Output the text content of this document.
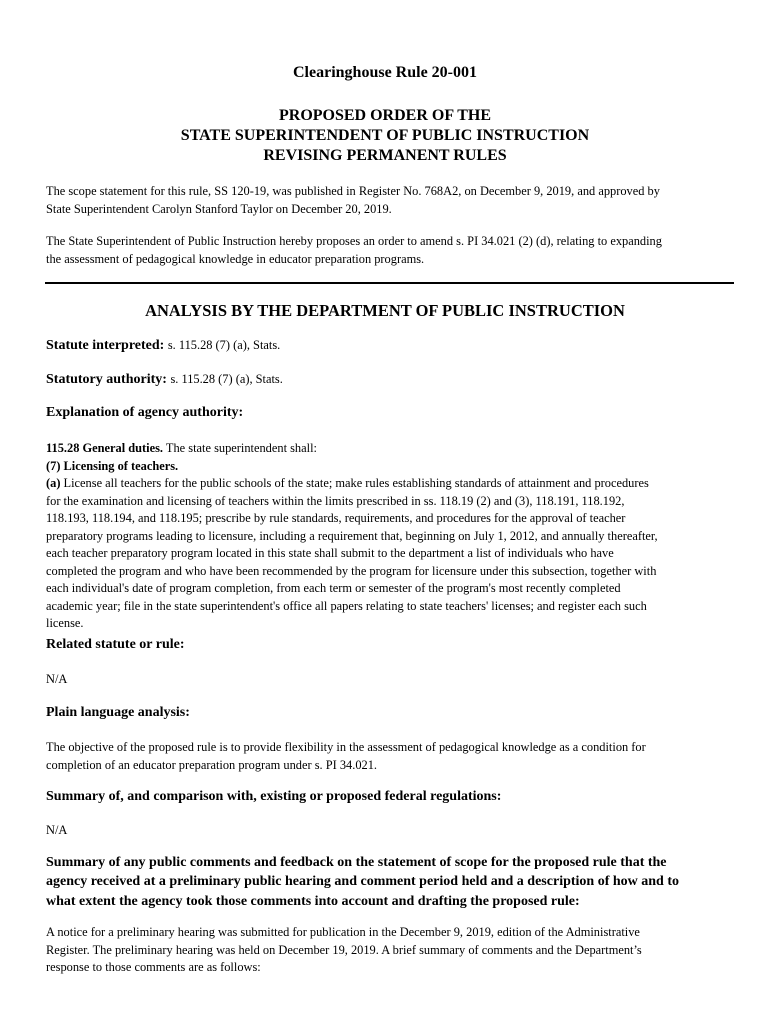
Clearinghouse Rule 20-001
PROPOSED ORDER OF THE
STATE SUPERINTENDENT OF PUBLIC INSTRUCTION
REVISING PERMANENT RULES
The scope statement for this rule, SS 120-19, was published in Register No. 768A2, on December 9, 2019, and approved by
State Superintendent Carolyn Stanford Taylor on December 20, 2019.
The State Superintendent of Public Instruction hereby proposes an order to amend s. PI 34.021 (2) (d), relating to expanding
the assessment of pedagogical knowledge in educator preparation programs.
ANALYSIS BY THE DEPARTMENT OF PUBLIC INSTRUCTION
Statute interpreted: s. 115.28 (7) (a), Stats.
Statutory authority: s. 115.28 (7) (a), Stats.
Explanation of agency authority:
115.28 General duties. The state superintendent shall:
(7) Licensing of teachers.
(a) License all teachers for the public schools of the state; make rules establishing standards of attainment and procedures
for the examination and licensing of teachers within the limits prescribed in ss. 118.19 (2) and (3), 118.191, 118.192,
118.193, 118.194, and 118.195; prescribe by rule standards, requirements, and procedures for the approval of teacher
preparatory programs leading to licensure, including a requirement that, beginning on July 1, 2012, and annually thereafter,
each teacher preparatory program located in this state shall submit to the department a list of individuals who have
completed the program and who have been recommended by the program for licensure under this subsection, together with
each individual's date of program completion, from each term or semester of the program's most recently completed
academic year; file in the state superintendent's office all papers relating to state teachers' licenses; and register each such
license.
Related statute or rule:
N/A
Plain language analysis:
The objective of the proposed rule is to provide flexibility in the assessment of pedagogical knowledge as a condition for
completion of an educator preparation program under s. PI 34.021.
Summary of, and comparison with, existing or proposed federal regulations:
N/A
Summary of any public comments and feedback on the statement of scope for the proposed rule that the
agency received at a preliminary public hearing and comment period held and a description of how and to
what extent the agency took those comments into account and drafting the proposed rule:
A notice for a preliminary hearing was submitted for publication in the December 9, 2019, edition of the Administrative
Register. The preliminary hearing was held on December 19, 2019. A brief summary of comments and the Department’s
response to those comments are as follows:
